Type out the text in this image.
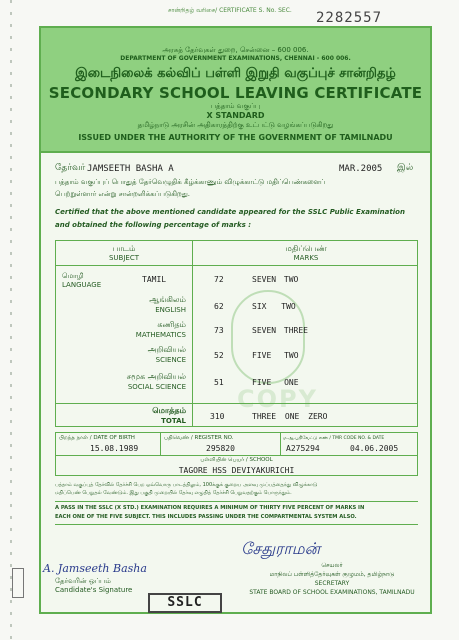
சான்றிதழ் வரிசை/ CERTIFICATE S. No. SEC. 2282557
அரசுத் தேர்வுகள் துறை, சென்னை – 600 006.
DEPARTMENT OF GOVERNMENT EXAMINATIONS, CHENNAI - 600 006.
இடைநிலைக் கல்விப் பள்ளி இறுதி வகுப்புச் சான்றிதழ்
SECONDARY SCHOOL LEAVING CERTIFICATE
பத்தாம் வகுப்பு
X STANDARD
தமிழ்நாடு அரசின் அதிகாரத்திற்கு உட்பட்டு வழங்கப்படுகிறது
ISSUED UNDER THE AUTHORITY OF THE GOVERNMENT OF TAMILNADU
தேர்வர் JAMSEETH BASHA A	MAR.2005 இல்
பத்தாம் வகுப்புப் பொதுத் தேர்வெழுதிக் கீழ்க்காணும் விழுக்காட்டு மதிப்பெண்களைப்
பெற்றுள்ளார் என்று சான்றளிக்கப்படுகிறது.
Certified that the above mentioned candidate appeared for the SSLC Public Examination
and obtained the following percentage of marks :
பாடம்
SUBJECT
மதிப்பெண்
MARKS
மொழி
LANGUAGE
TAMIL	72	SEVEN TWO
ஆங்கிலம்
ENGLISH	62	SIX TWO
கணிதம்
MATHEMATICS	73	SEVEN THREE
அறிவியல்
SCIENCE	52	FIVE TWO
சமூக அறிவியல்
SOCIAL SCIENCE	51	FIVE ONE
மொத்தம்
TOTAL	310	THREE ONE ZERO
COPY
பிறந்த நாள் / DATE OF BIRTH
15.08.1989
பதிவெண் / REGISTER NO.
295820
ம.ஆ.பதிவேட்டு எண் / TMR CODE NO. & DATE
A275294	04.06.2005
பள்ளியின் பெயர் / SCHOOL
TAGORE HSS DEVIYAKURICHI
பத்தாம் வகுப்புத் தேர்வில் தேர்ச்சி பெற ஒவ்வொரு பாடத்திலும், 100க்குக் குறைய அளவு முப்பத்தைந்து விழுக்காடு
மதிப்பெண் பெறுதல் வேண்டும். இது பகுதி முறையில் தேர்வு எழுதித் தேர்ச்சி பெறுவதற்கும் பொருந்தும்.
A PASS IN THE SSLC (X STD.) EXAMINATION REQUIRES A MINIMUM OF THIRTY FIVE PERCENT OF MARKS IN
EACH ONE OF THE FIVE SUBJECT. THIS INCLUDES PASSING UNDER THE COMPARTMENTAL SYSTEM ALSO.
சேதுராமன்
செயலர்
மாநிலப் பள்ளித்தேர்வுகள் குழுமம், தமிழ்நாடு
SECRETARY
STATE BOARD OF SCHOOL EXAMINATIONS, TAMILNADU
A. Jamseeth Basha
தேர்வரின் ஒப்பம்
Candidate's Signature
SSLC
